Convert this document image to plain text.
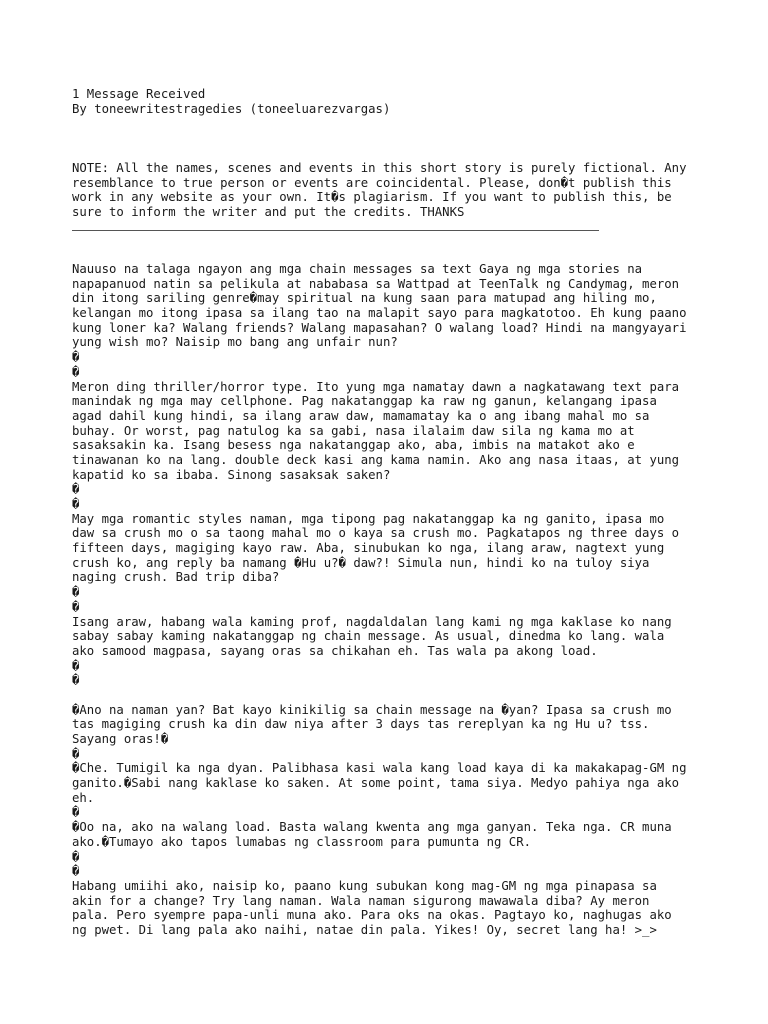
1 Message Received
By toneewritestragedies (toneeluarezvargas)
NOTE: All the names, scenes and events in this short story is purely fictional. Any
resemblance to true person or events are coincidental. Please, don�t publish this
work in any website as your own. It�s plagiarism. If you want to publish this, be
sure to inform the writer and put the credits. THANKS
Nauuso na talaga ngayon ang mga chain messages sa text Gaya ng mga stories na
napapanuod natin sa pelikula at nababasa sa Wattpad at TeenTalk ng Candymag, meron
din itong sariling genre�may spiritual na kung saan para matupad ang hiling mo,
kelangan mo itong ipasa sa ilang tao na malapit sayo para magkatotoo. Eh kung paano
kung loner ka? Walang friends? Walang mapasahan? O walang load? Hindi na mangyayari
yung wish mo? Naisip mo bang ang unfair nun?
�
�
Meron ding thriller/horror type. Ito yung mga namatay dawn a nagkatawang text para
manindak ng mga may cellphone. Pag nakatanggap ka raw ng ganun, kelangang ipasa
agad dahil kung hindi, sa ilang araw daw, mamamatay ka o ang ibang mahal mo sa
buhay. Or worst, pag natulog ka sa gabi, nasa ilalaim daw sila ng kama mo at
sasaksakin ka. Isang besess nga nakatanggap ako, aba, imbis na matakot ako e
tinawanan ko na lang. double deck kasi ang kama namin. Ako ang nasa itaas, at yung
kapatid ko sa ibaba. Sinong sasaksak saken?
�
�
May mga romantic styles naman, mga tipong pag nakatanggap ka ng ganito, ipasa mo
daw sa crush mo o sa taong mahal mo o kaya sa crush mo. Pagkatapos ng three days o
fifteen days, magiging kayo raw. Aba, sinubukan ko nga, ilang araw, nagtext yung
crush ko, ang reply ba namang �Hu u?� daw?! Simula nun, hindi ko na tuloy siya
naging crush. Bad trip diba?
�
�
Isang araw, habang wala kaming prof, nagdaldalan lang kami ng mga kaklase ko nang
sabay sabay kaming nakatanggap ng chain message. As usual, dinedma ko lang. wala
ako samood magpasa, sayang oras sa chikahan eh. Tas wala pa akong load.
�
�
�Ano na naman yan? Bat kayo kinikilig sa chain message na �yan? Ipasa sa crush mo
tas magiging crush ka din daw niya after 3 days tas rereplyan ka ng Hu u? tss.
Sayang oras!�
�
�Che. Tumigil ka nga dyan. Palibhasa kasi wala kang load kaya di ka makakapag-GM ng
ganito.�Sabi nang kaklase ko saken. At some point, tama siya. Medyo pahiya nga ako
eh.
�
�Oo na, ako na walang load. Basta walang kwenta ang mga ganyan. Teka nga. CR muna
ako.�Tumayo ako tapos lumabas ng classroom para pumunta ng CR.
�
�
Habang umiihi ako, naisip ko, paano kung subukan kong mag-GM ng mga pinapasa sa
akin for a change? Try lang naman. Wala naman sigurong mawawala diba? Ay meron
pala. Pero syempre papa-unli muna ako. Para oks na okas. Pagtayo ko, naghugas ako
ng pwet. Di lang pala ako naihi, natae din pala. Yikes! Oy, secret lang ha! >_>
